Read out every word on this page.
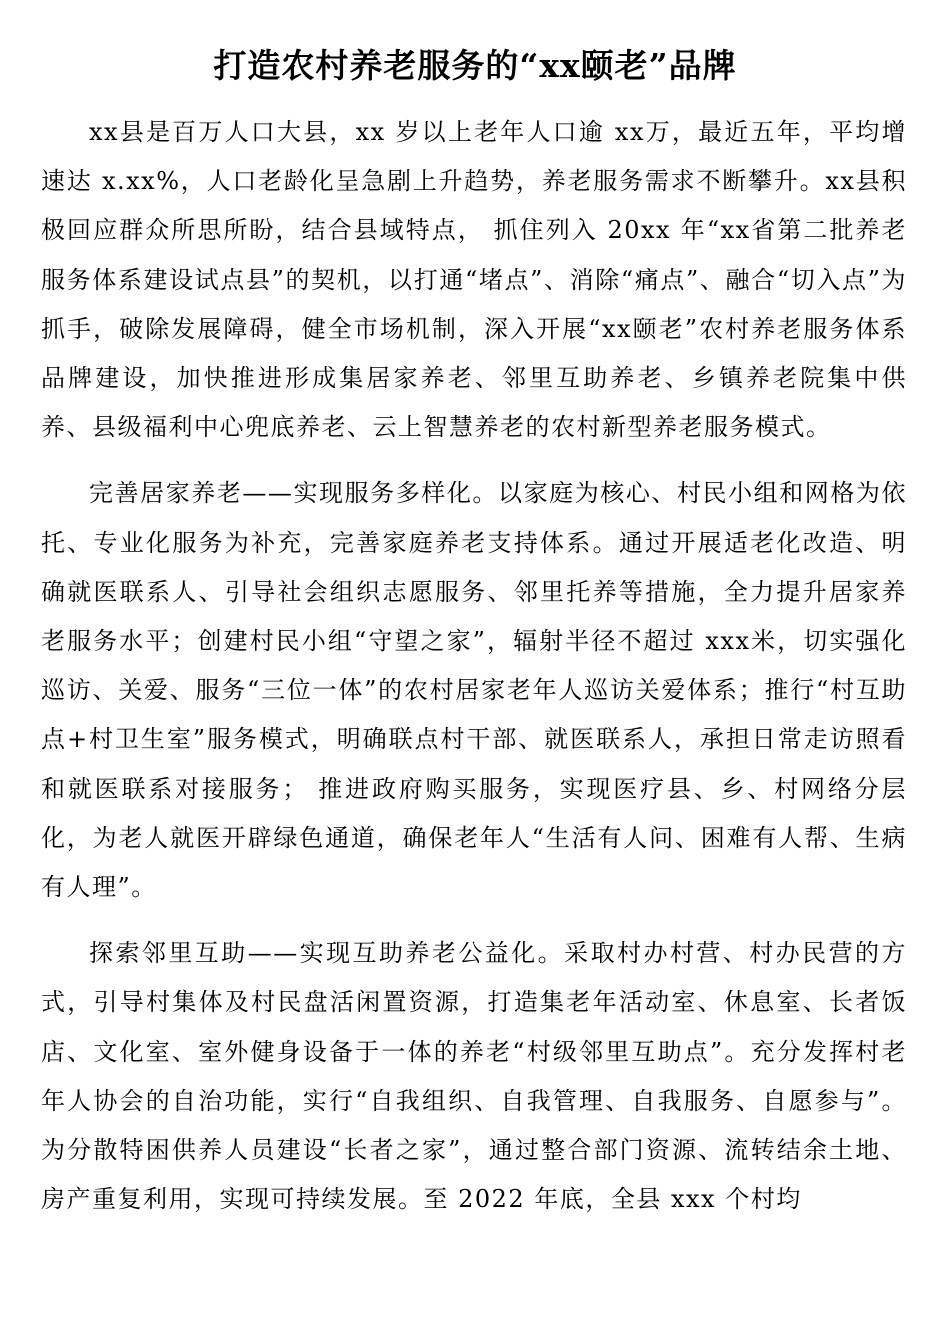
打造农村养老服务的“xx颐老”品牌

xx县是百万人口大县，xx 岁以上老年人口逾 xx万，最近五年，平均增速达 x.xx%，人口老龄化呈急剧上升趋势，养老服务需求不断攀升。xx县积极回应群众所思所盼，结合县域特点， 抓住列入 20xx 年“xx省第二批养老服务体系建设试点县”的契机，以打通“堵点”、消除“痛点”、融合“切入点”为抓手，破除发展障碍，健全市场机制，深入开展“xx颐老”农村养老服务体系品牌建设，加快推进形成集居家养老、邻里互助养老、乡镇养老院集中供养、县级福利中心兜底养老、云上智慧养老的农村新型养老服务模式。

完善居家养老——实现服务多样化。以家庭为核心、村民小组和网格为依托、专业化服务为补充，完善家庭养老支持体系。通过开展适老化改造、明确就医联系人、引导社会组织志愿服务、邻里托养等措施，全力提升居家养老服务水平；创建村民小组“守望之家”，辐射半径不超过 xxx米，切实强化巡访、关爱、服务“三位一体”的农村居家老年人巡访关爱体系；推行“村互助点+村卫生室”服务模式，明确联点村干部、就医联系人，承担日常走访照看和就医联系对接服务； 推进政府购买服务，实现医疗县、乡、村网络分层化，为老人就医开辟绿色通道，确保老年人“生活有人问、困难有人帮、生病有人理”。

探索邻里互助——实现互助养老公益化。采取村办村营、村办民营的方式，引导村集体及村民盘活闲置资源，打造集老年活动室、休息室、长者饭店、文化室、室外健身设备于一体的养老“村级邻里互助点”。充分发挥村老年人协会的自治功能，实行“自我组织、自我管理、自我服务、自愿参与”。为分散特困供养人员建设“长者之家”，通过整合部门资源、流转结余土地、房产重复利用，实现可持续发展。至 2022 年底，全县 xxx 个村均
